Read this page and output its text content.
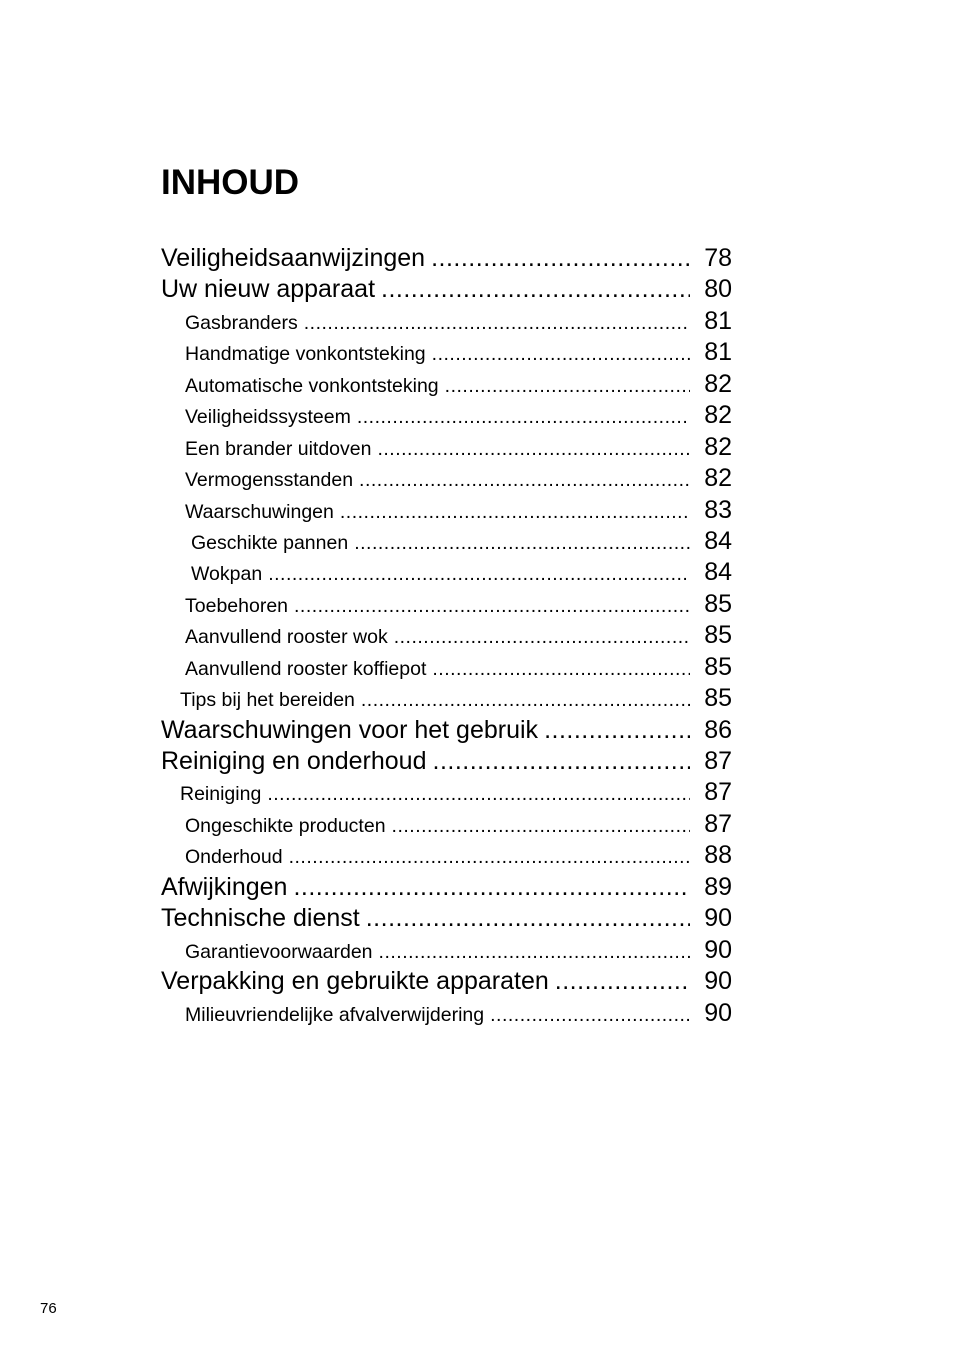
INHOUD
Veiligheidsaanwijzingen .....	78
Uw nieuw apparaat .....	80
Gasbranders .....	81
Handmatige vonkontsteking .....	81
Automatische vonkontsteking .....	82
Veiligheidssysteem .....	82
Een brander uitdoven .....	82
Vermogensstanden .....	82
Waarschuwingen .....	83
Geschikte pannen .....	84
Wokpan .....	84
Toebehoren .....	85
Aanvullend rooster wok .....	85
Aanvullend rooster koffiepot .....	85
Tips bij het bereiden .....	85
Waarschuwingen voor het gebruik .....	86
Reiniging en onderhoud .....	87
Reiniging .....	87
Ongeschikte producten .....	87
Onderhoud .....	88
Afwijkingen .....	89
Technische dienst .....	90
Garantievoorwaarden .....	90
Verpakking en gebruikte apparaten .....	90
Milieuvriendelijke afvalverwijdering .....	90
76
